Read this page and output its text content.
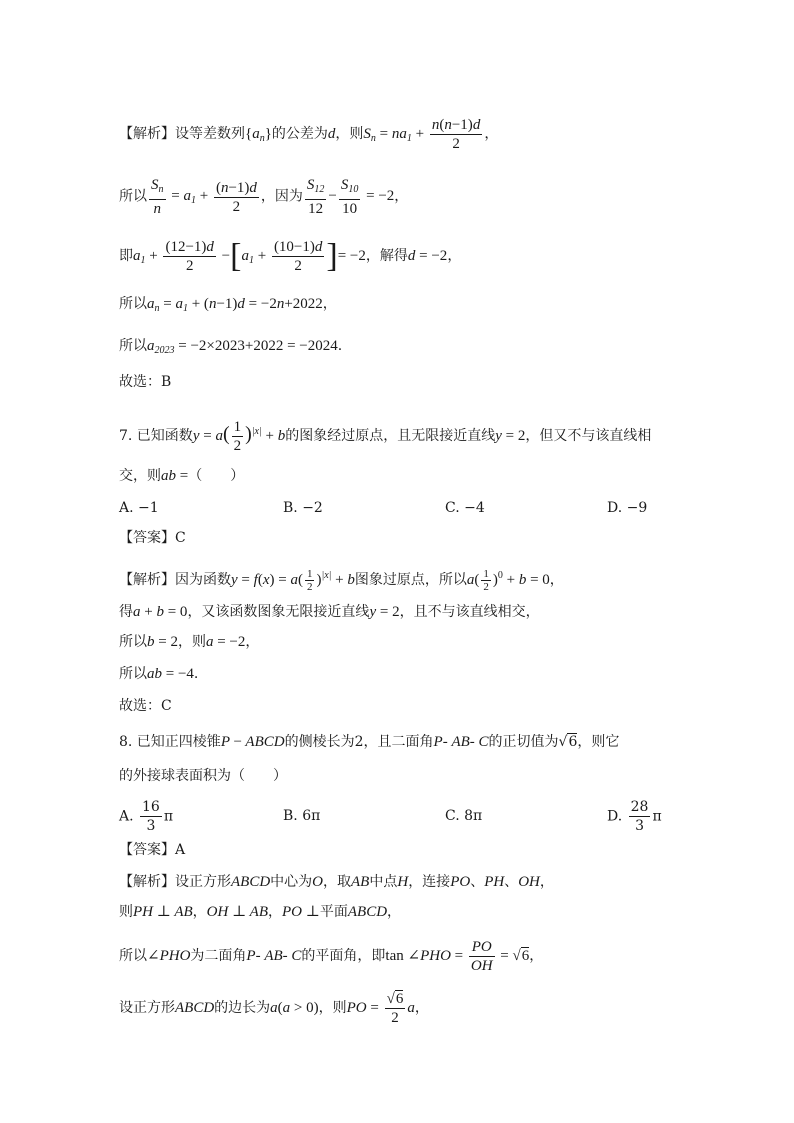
【解析】设等差数列$\{a_n\}$的公差为d，则$S_n = na_1 + \frac{n(n-1)d}{2}$ ，
所以 $\frac{S_n}{n} = a_1 + \frac{(n-1)d}{2}$ ，因为 $\frac{S_{12}}{12} - \frac{S_{10}}{10} = -2$，
即$a_1 + \frac{(12-1)d}{2} -[a_1 + \frac{(10-1)d}{2}$ ]= −2，解得d = −2，
所以$a_n = a_1 + (n-1)d = -2n+2022$，
所以$a_{2023} = -2\times 2023+2022 = -2024$.
故选：B
7. 已知函数$y = a( \frac{1}{2} )^{|x|} + b$的图象经过原点，且无限接近直线y = 2，但又不与该直线相
交，则ab =（　　）
A. −1	B. −2	C. −4	D. −9
【答案】C
【解析】因为函数$y = f(x) = a( \frac{1}{2} )^{|x|} + b$图象过原点，所以$a( \frac{1}{2} )^0 + b = 0$，
得a + b = 0，又该函数图象无限接近直线y = 2，且不与该直线相交，
所以b = 2，则a = −2，
所以ab = −4.
故选：C
8. 已知正四棱锥P − ABCD的侧棱长为2，且二面角P- AB- C的正切值为√6，则它
的外接球表面积为（　　）
A. $\frac{16}{3}$ π	B. 6π	C. 8π	D. $\frac{28}{3}$ π
【答案】A
【解析】设正方形ABCD中心为O，取AB中点H，连接PO、PH、OH，
则PH ⊥ AB，OH ⊥ AB，PO ⊥平面ABCD，
所以∠PHO为二面角P- AB- C的平面角，即tan ∠PHO = $\frac{PO}{OH} = √6$，
设正方形ABCD的边长为a(a > 0)，则PO = $\frac{√6}{2}$ a，
